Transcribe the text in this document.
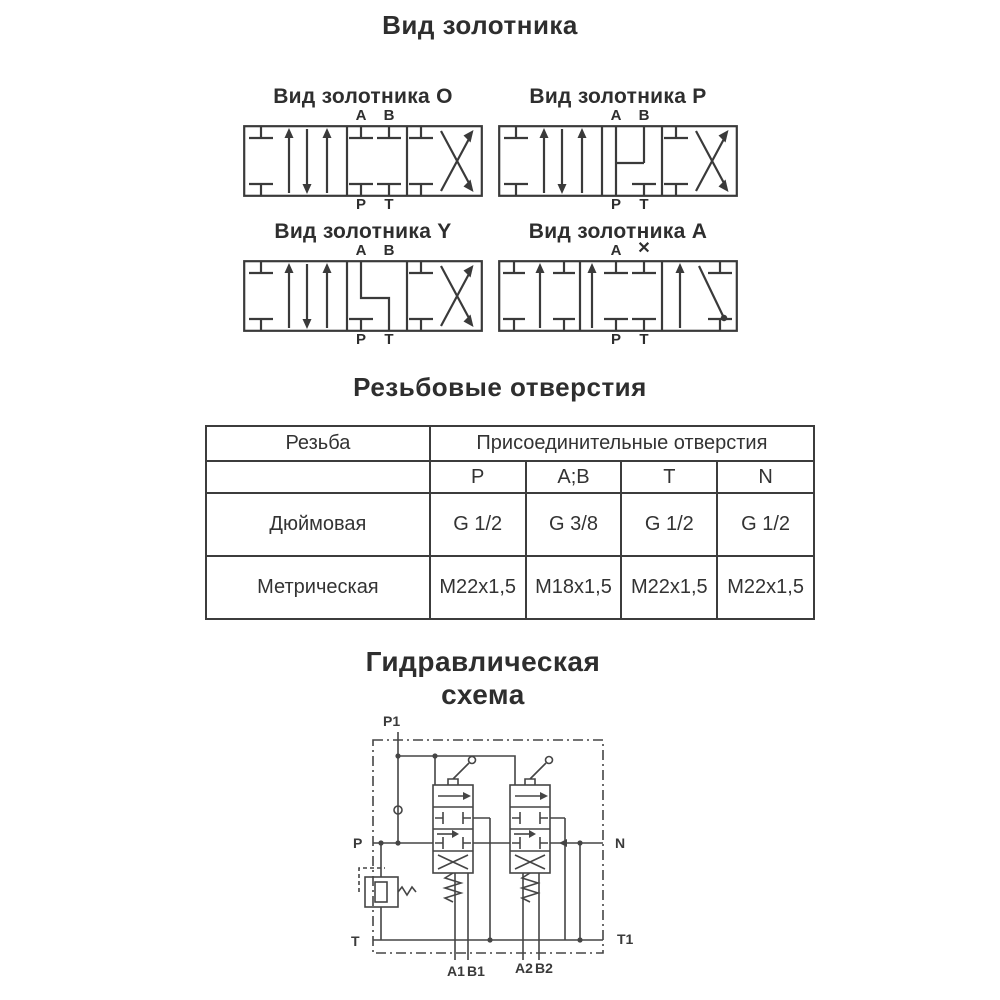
Вид золотника
Вид золотника O
A B
P T
Вид золотника P
A B
P T
Вид золотника Y
A B
P T
Вид золотника A
A ✕
P T
Резьбовые отверстия
Резьба	Присоединительные отверстия			
	P	A;B	T	N
Дюймовая	G 1/2	G 3/8	G 1/2	G 1/2
Метрическая	M22x1,5	M18x1,5	M22x1,5	M22x1,5
Гидравлическая
схема
P1
P	N
T	T1
A1 B1 A2 B2
